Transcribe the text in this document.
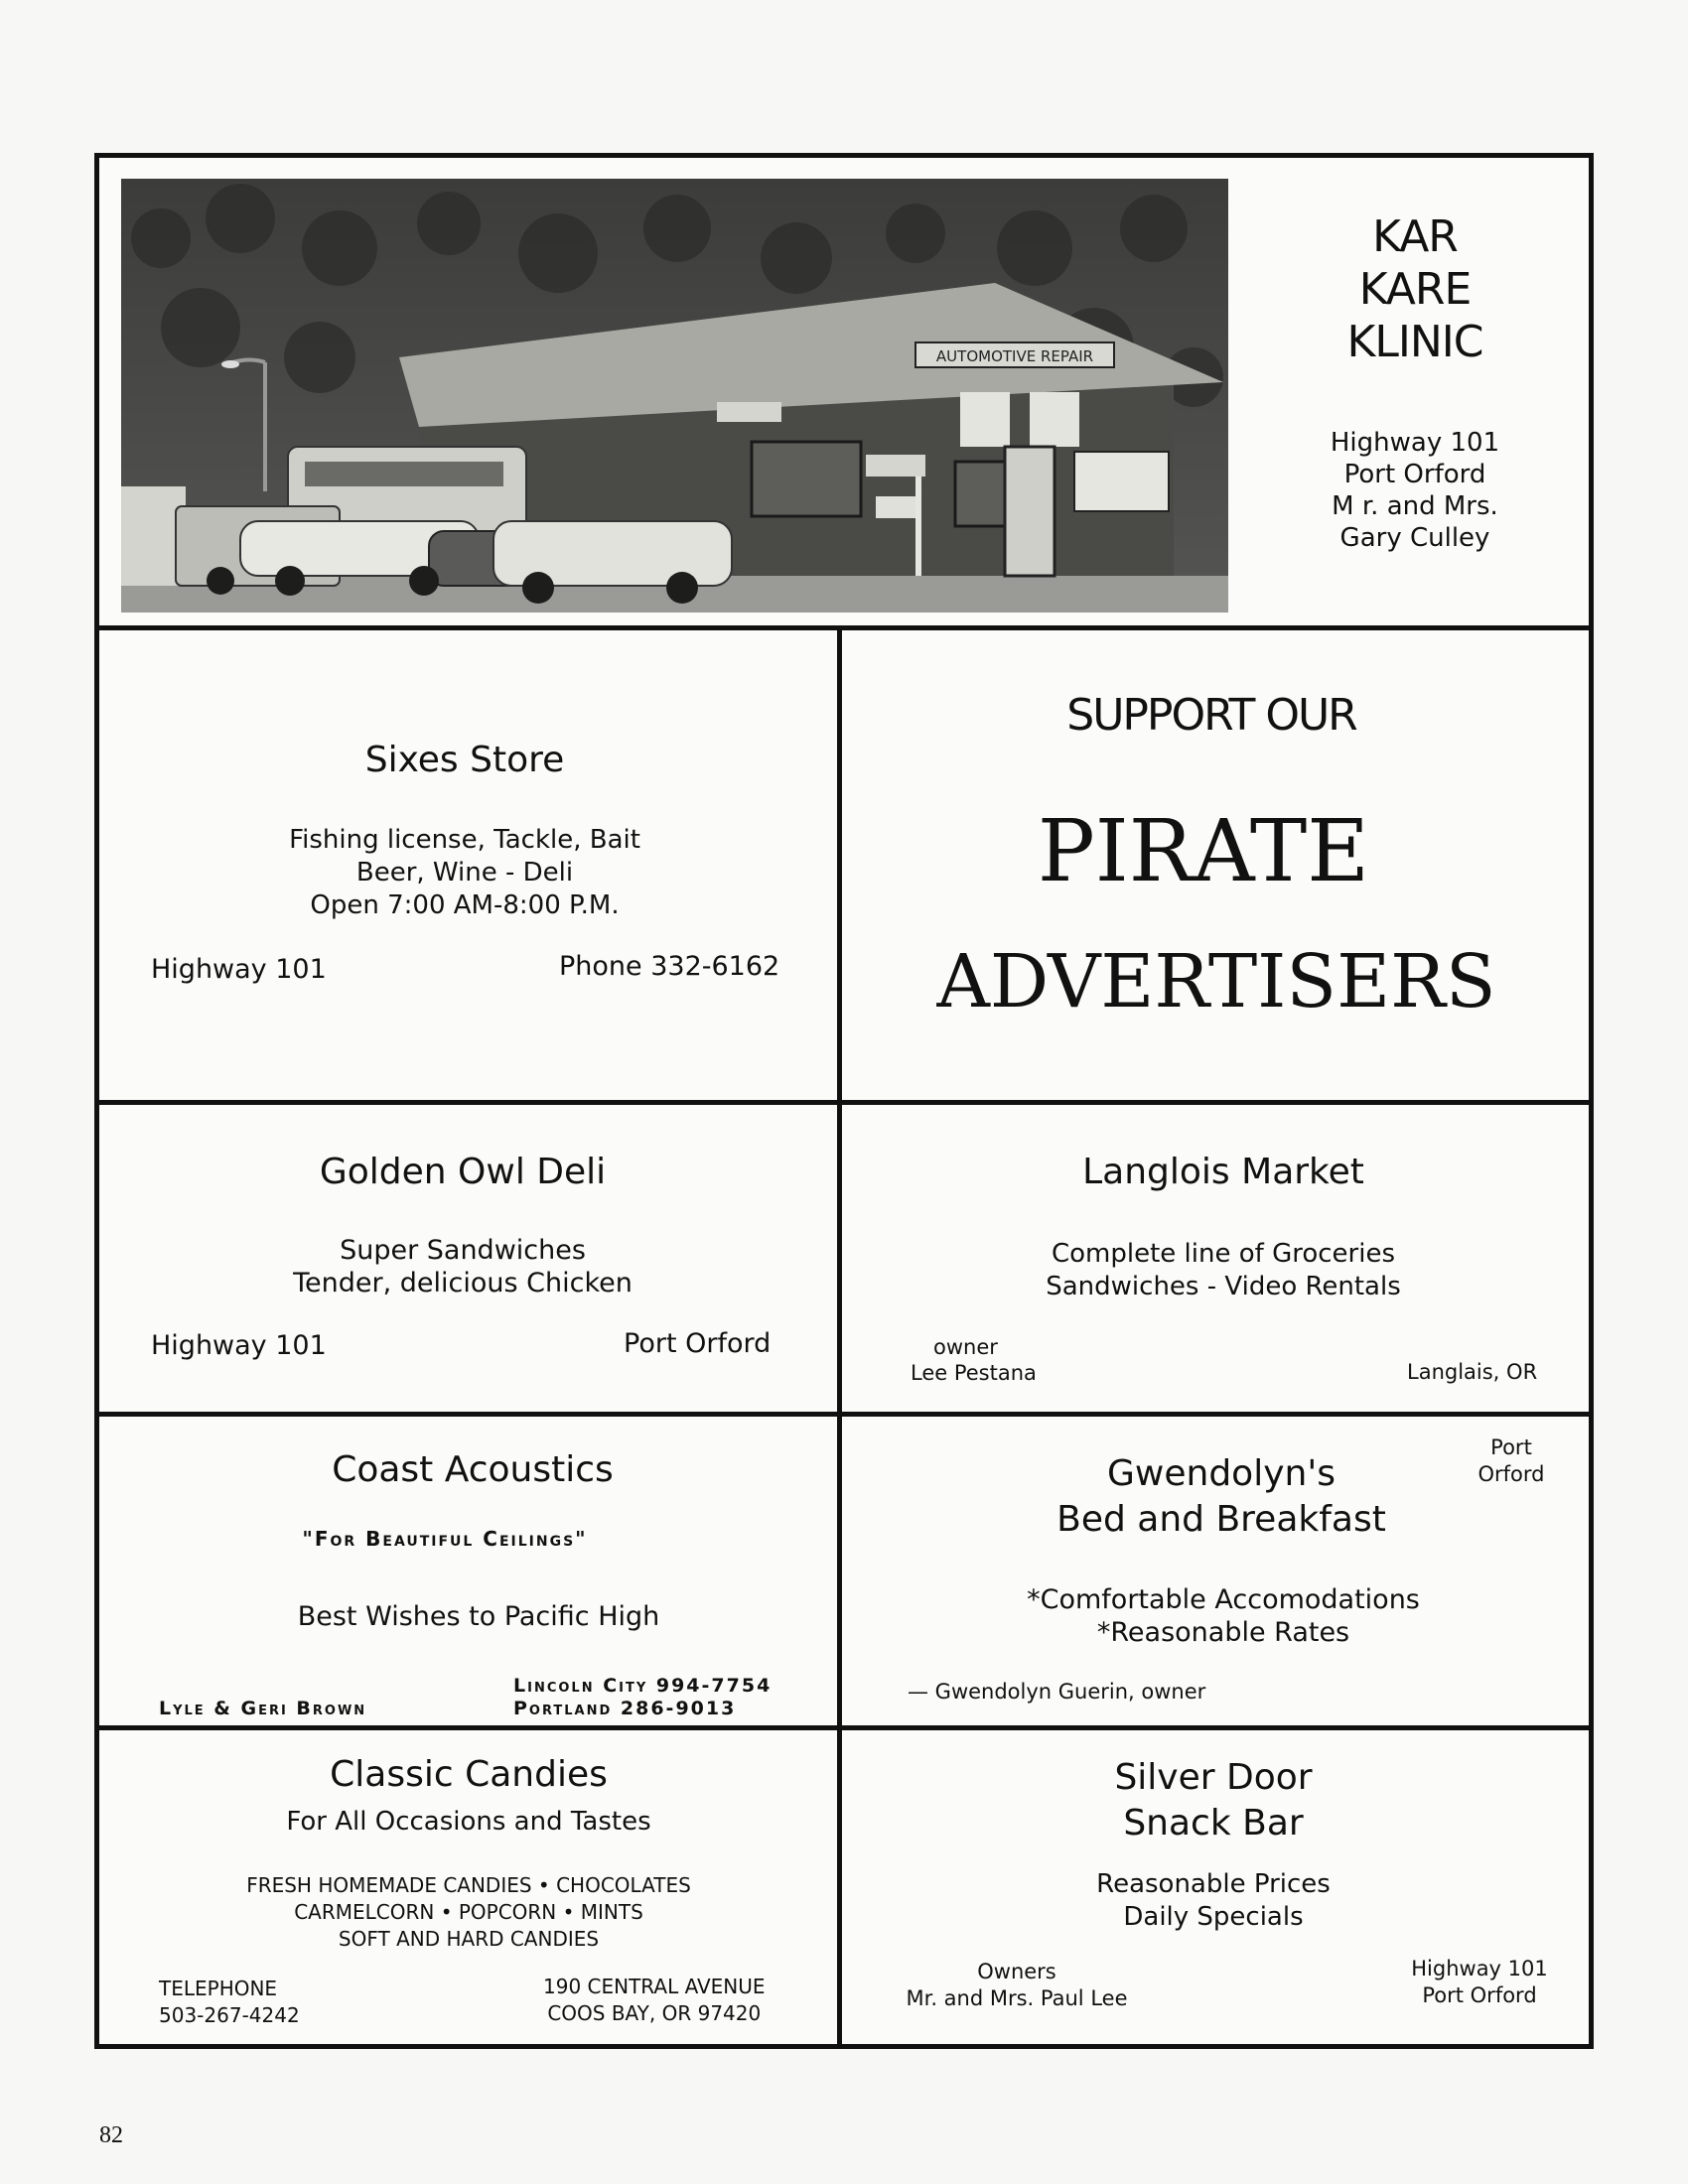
AUTOMOTIVE REPAIR
KAR
KARE
KLINIC
Highway 101
Port Orford
M r. and Mrs.
Gary Culley
Sixes Store
Fishing license, Tackle, Bait
Beer, Wine - Deli
Open 7:00 AM-8:00 P.M.
Highway 101	Phone 332-6162
SUPPORT OUR
PIRATE
ADVERTISERS
Golden Owl Deli
Super Sandwiches
Tender, delicious Chicken
Highway 101	Port Orford
Langlois Market
Complete line of Groceries
Sandwiches - Video Rentals
owner
Lee Pestana	Langlais, OR
Coast Acoustics
"For Beautiful Ceilings"
Best Wishes to Pacific High
Lyle & Geri Brown
Lincoln City 994-7754
Portland 286-9013
Port
Orford
Gwendolyn's
Bed and Breakfast
*Comfortable Accomodations
*Reasonable Rates
— Gwendolyn Guerin, owner
Classic Candies
For All Occasions and Tastes
FRESH HOMEMADE CANDIES • CHOCOLATES
CARMELCORN • POPCORN • MINTS
SOFT AND HARD CANDIES
TELEPHONE
503-267-4242
190 CENTRAL AVENUE
COOS BAY, OR 97420
Silver Door
Snack Bar
Reasonable Prices
Daily Specials
Owners
Mr. and Mrs. Paul Lee
Highway 101
Port Orford
82
